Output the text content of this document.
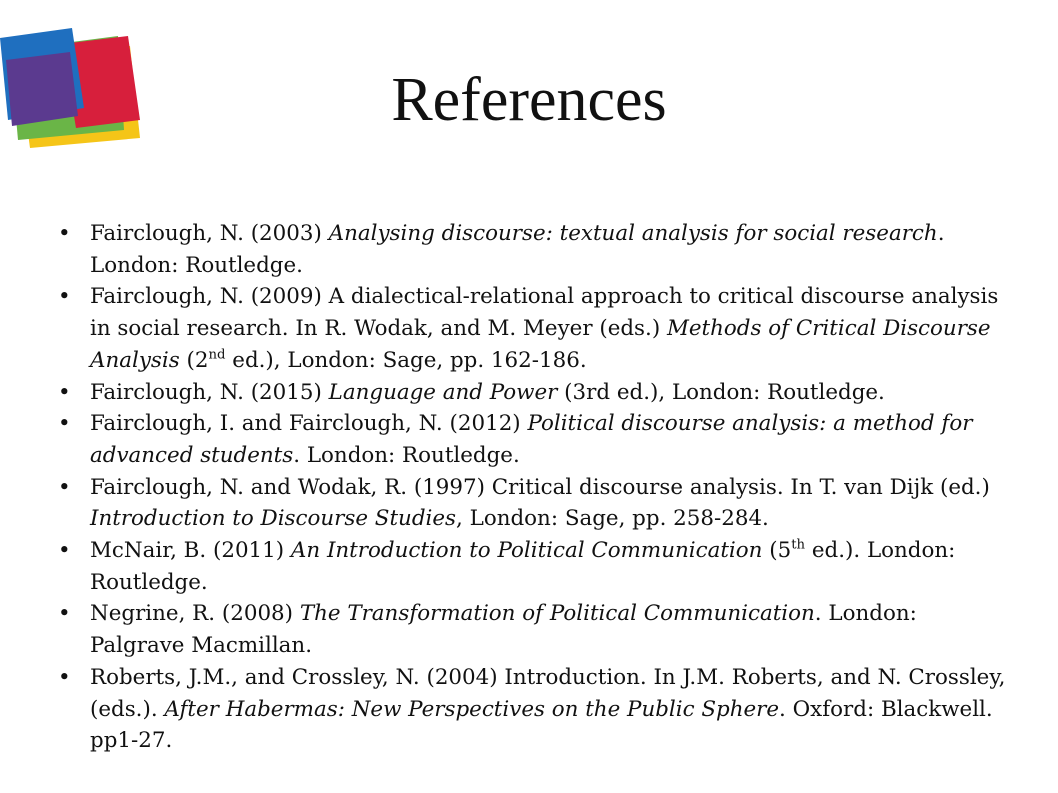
References
• Fairclough, N. (2003) Analysing discourse: textual analysis for social research. London: Routledge.
• Fairclough, N. (2009) A dialectical-relational approach to critical discourse analysis in social research. In R. Wodak, and M. Meyer (eds.) Methods of Critical Discourse Analysis (2nd ed.), London: Sage, pp. 162-186.
• Fairclough, N. (2015) Language and Power (3rd ed.), London: Routledge.
• Fairclough, I. and Fairclough, N. (2012) Political discourse analysis: a method for advanced students. London: Routledge.
• Fairclough, N. and Wodak, R. (1997) Critical discourse analysis. In T. van Dijk (ed.) Introduction to Discourse Studies, London: Sage, pp. 258-284.
• McNair, B. (2011) An Introduction to Political Communication (5th ed.). London: Routledge.
• Negrine, R. (2008) The Transformation of Political Communication. London: Palgrave Macmillan.
• Roberts, J.M., and Crossley, N. (2004) Introduction. In J.M. Roberts, and N. Crossley, (eds.). After Habermas: New Perspectives on the Public Sphere. Oxford: Blackwell. pp1-27.
